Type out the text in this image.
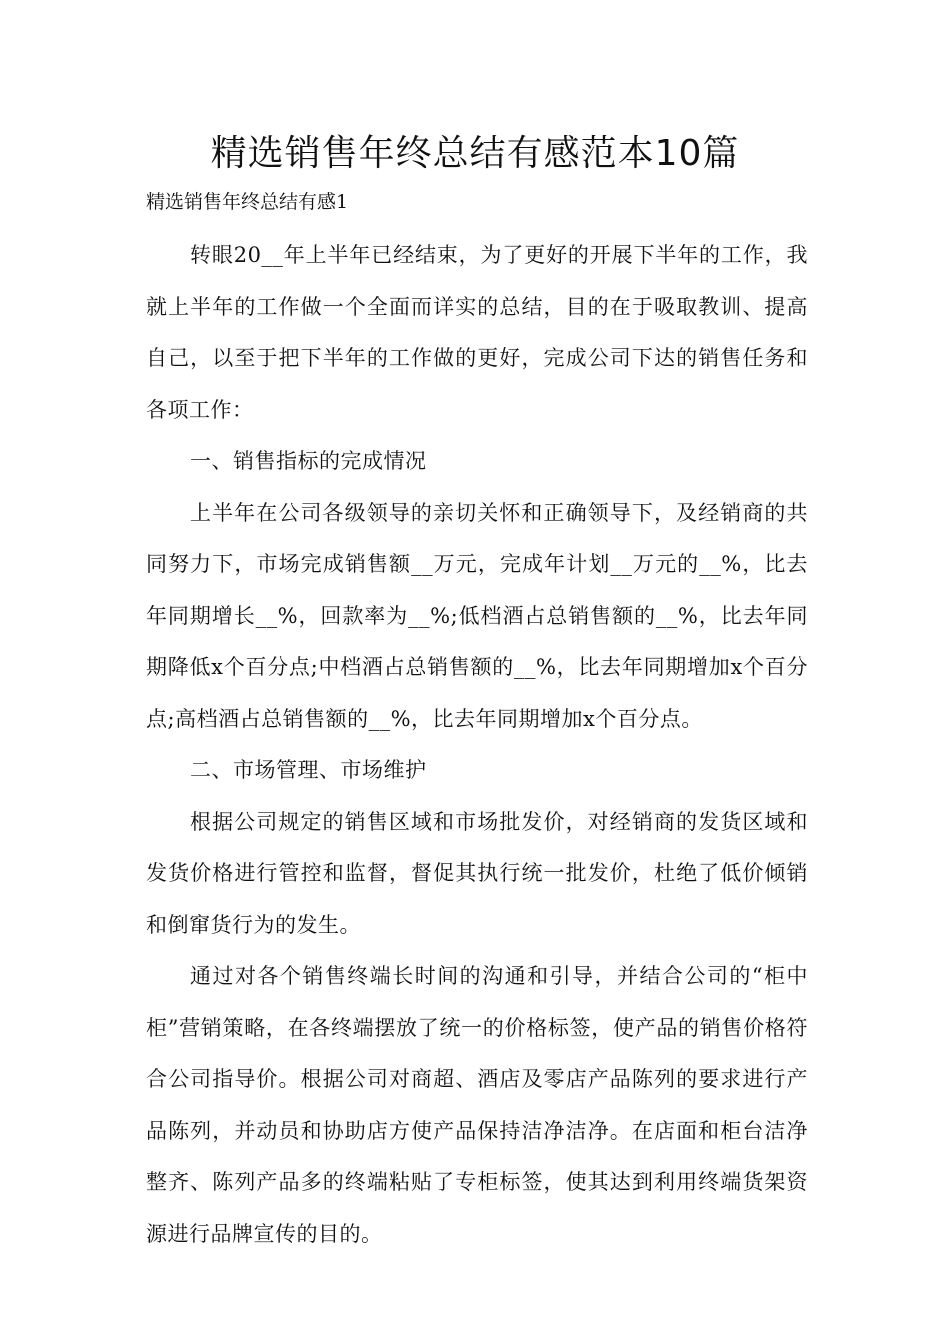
精选销售年终总结有感范本10篇

精选销售年终总结有感1

转眼20__年上半年已经结束，为了更好的开展下半年的工作，我就上半年的工作做一个全面而详实的总结，目的在于吸取教训、提高自己，以至于把下半年的工作做的更好，完成公司下达的销售任务和各项工作：

一、销售指标的完成情况

上半年在公司各级领导的亲切关怀和正确领导下，及经销商的共同努力下，市场完成销售额__万元，完成年计划__万元的__%，比去年同期增长__%，回款率为__%;低档酒占总销售额的__%，比去年同期降低x个百分点;中档酒占总销售额的__%，比去年同期增加x个百分点;高档酒占总销售额的__%，比去年同期增加x个百分点。

二、市场管理、市场维护

根据公司规定的销售区域和市场批发价，对经销商的发货区域和发货价格进行管控和监督，督促其执行统一批发价，杜绝了低价倾销和倒窜货行为的发生。

通过对各个销售终端长时间的沟通和引导，并结合公司的“柜中柜”营销策略，在各终端摆放了统一的价格标签，使产品的销售价格符合公司指导价。根据公司对商超、酒店及零店产品陈列的要求进行产品陈列，并动员和协助店方使产品保持洁净洁净。在店面和柜台洁净整齐、陈列产品多的终端粘贴了专柜标签，使其达到利用终端货架资源进行品牌宣传的目的。
